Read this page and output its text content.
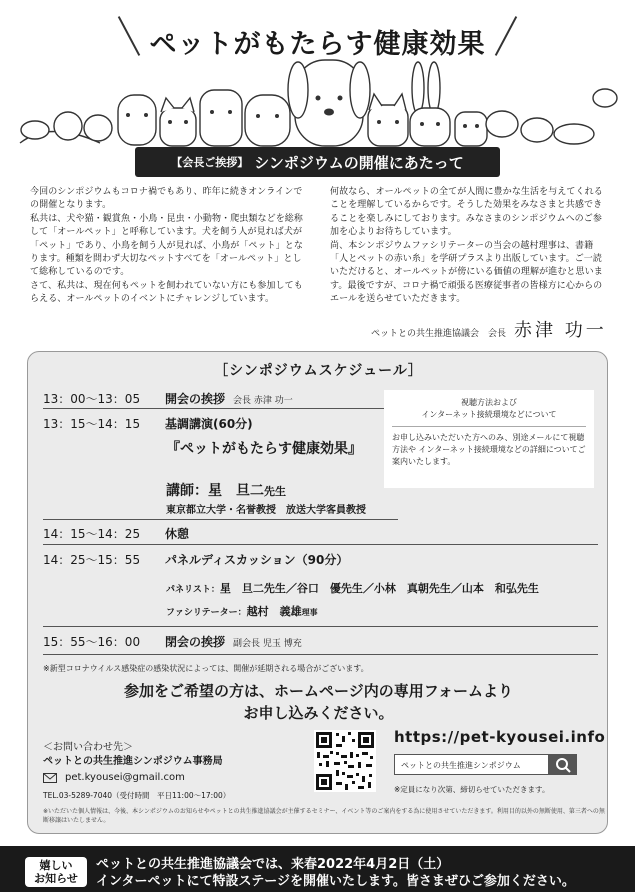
ペットがもたらす健康効果
【会長ご挨拶】 シンポジウムの開催にあたって

今回のシンポジウムもコロナ禍でもあり、昨年に続きオンラインでの開催となります。

私共は、犬や猫・観賞魚・小鳥・昆虫・小動物・爬虫類などを総称して「オールペット」と呼称しています。犬を飼う人が見れば犬が「ペット」であり、小鳥を飼う人が見れば、小鳥が「ペット」となります。種類を問わず大切なペットすべてを「オールペット」として総称しているのです。

さて、私共は、現在何もペットを飼われていない方にも参加してもらえる、オールペットのイベントにチャレンジしています。

何故なら、オールペットの全てが人間に豊かな生活を与えてくれることを理解しているからです。そうした効果をみなさまと共感できることを楽しみにしております。みなさまのシンポジウムへのご参加を心よりお待ちしています。

尚、本シンポジウムファシリテーターの当会の越村理事は、書籍「人とペットの赤い糸」を学研プラスより出版しています。ご一読いただけると、オールペットが傍にいる価値の理解が進むと思います。最後ですが、コロナ禍で頑張る医療従事者の皆様方に心からのエールを送らせていただきます。

ペットとの共生推進協議会　会長 赤津 功一
［シンポジウムスケジュール］
13：00〜13：05 開会の挨拶 会長 赤津 功一
13：15〜14：15 基調講演(60分)
『ペットがもたらす健康効果』
講師：星　旦二先生
東京都立大学・名誉教授　放送大学客員教授
14：15〜14：25 休憩
14：25〜15：55 パネルディスカッション（90分）
パネリスト：星　旦二先生／谷口　優先生／小林　真朝先生／山本　和弘先生
ファシリテーター：越村　義雄理事
15：55〜16：00 閉会の挨拶 副会長 児玉 博充
視聴方法および
インターネット接続環境などについて
お申し込みいただいた方へのみ、別途メールにて視聴方法や インターネット接続環境などの詳細についてご案内いたします。
※新型コロナウイルス感染症の感染状況によっては、開催が延期される場合がございます。
参加をご希望の方は、ホームページ内の専用フォームより
お申し込みください。
＜お問い合わせ先＞
ペットとの共生推進シンポジウム事務局
pet.kyousei@gmail.com
TEL.03-5289-7040（受付時間　平日11:00〜17:00）
https://pet-kyousei.info
ペットとの共生推進シンポジウム
※定員になり次第、締切らせていただきます。
※いただいた個人情報は、今後、本シンポジウムのお知らせやペットとの共生推進協議会が主催するセミナー、イベント等のご案内をする為に使用させていただきます。利用目的以外の無断使用、第三者への無断移譲はいたしません。
嬉しい
お知らせ
ペットとの共生推進協議会では、来春2022年4月2日（土）
インターペットにて特設ステージを開催いたします。皆さまぜひご参加ください。
